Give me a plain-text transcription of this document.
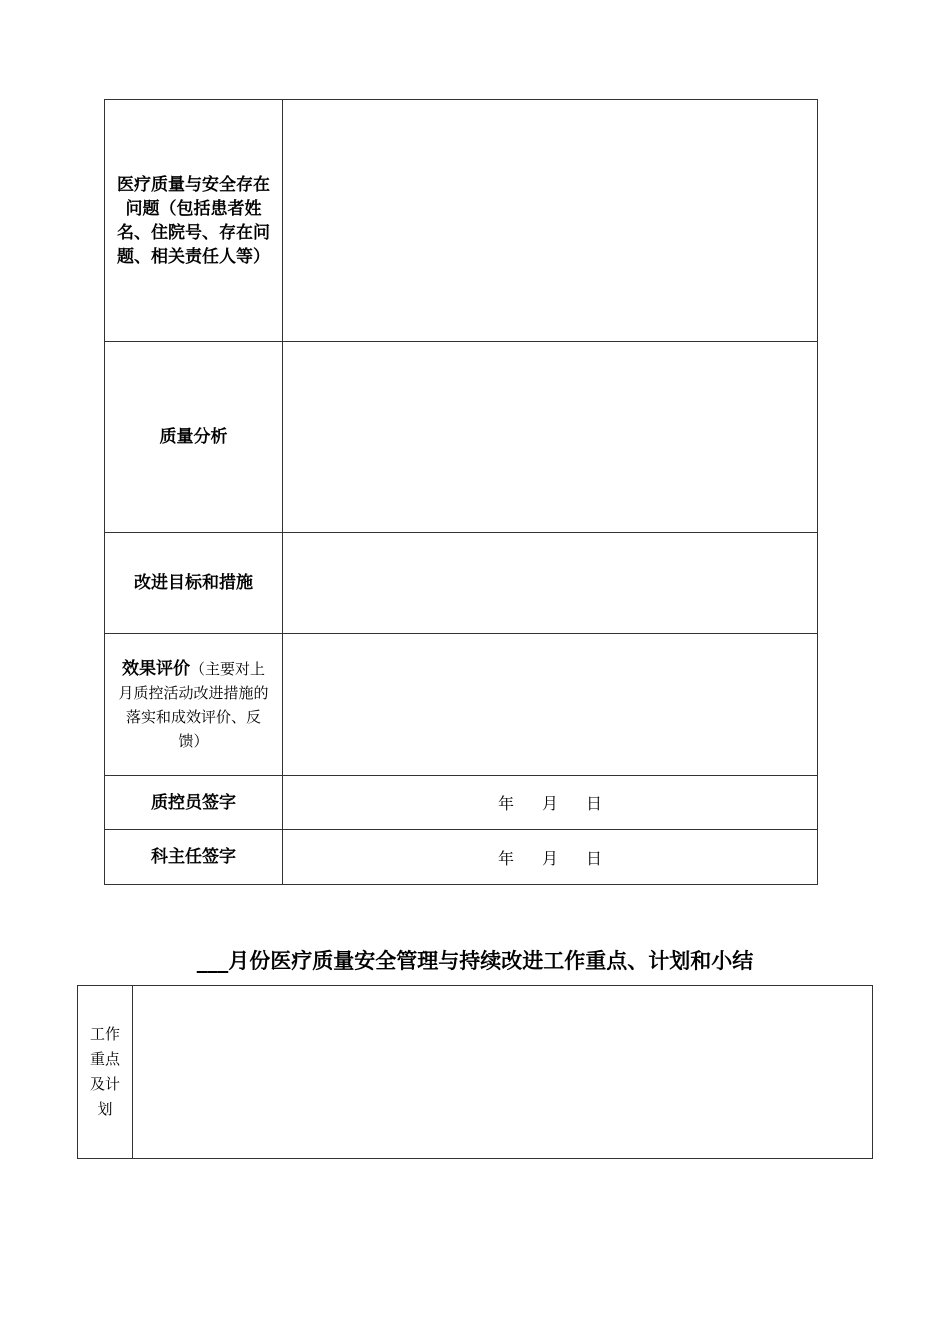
医疗质量与安全存在问题（包括患者姓名、住院号、存在问题、相关责任人等）	
质量分析	
改进目标和措施	
效果评价（主要对上月质控活动改进措施的落实和成效评价、反馈）	
质控员签字	年 月 日
科主任签字	年 月 日
___月份医疗质量安全管理与持续改进工作重点、计划和小结
工作重点及计划	
